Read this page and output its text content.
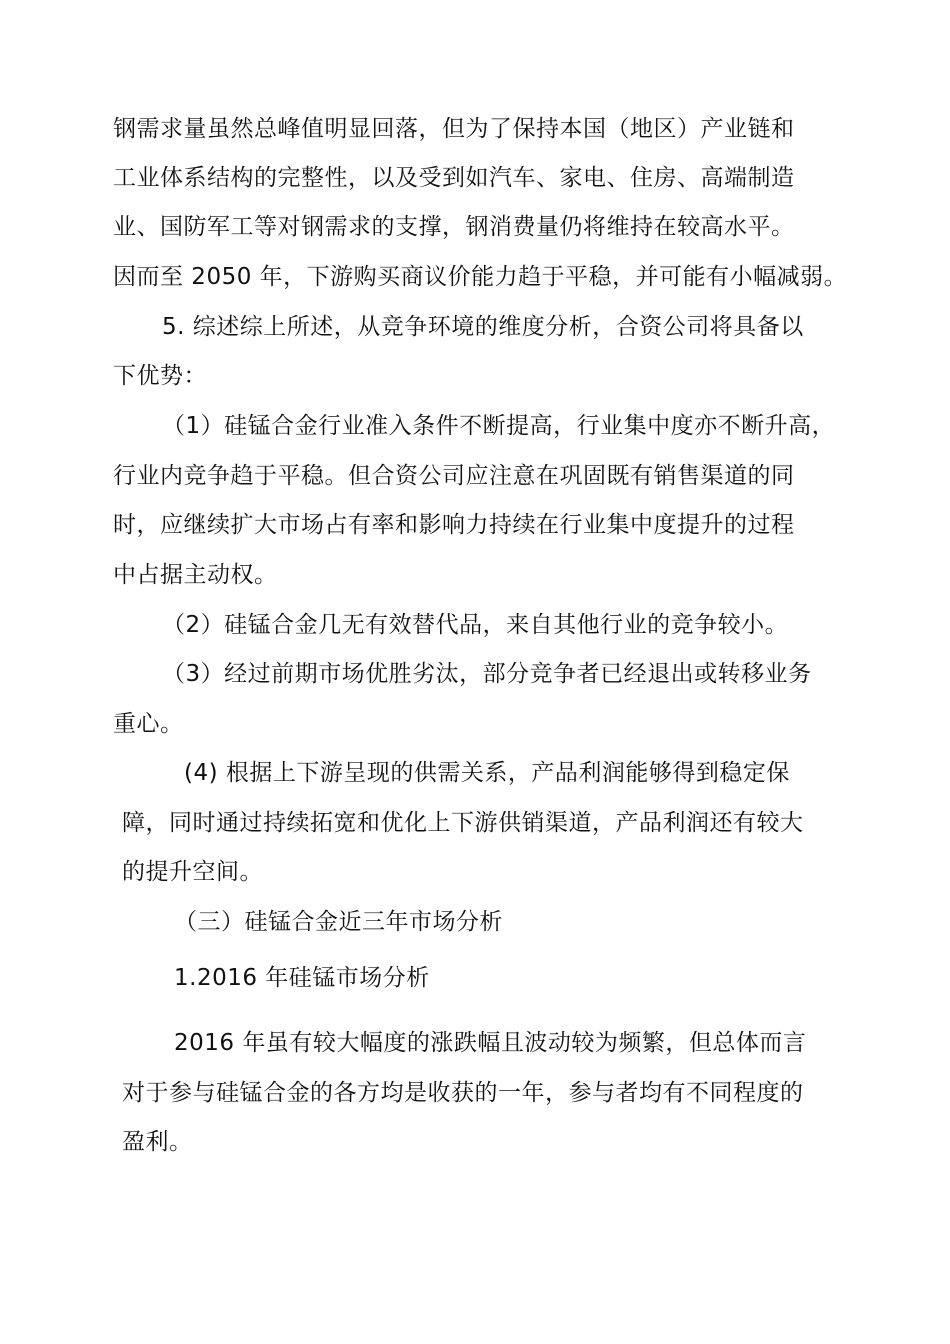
钢需求量虽然总峰值明显回落，但为了保持本国（地区）产业链和
工业体系结构的完整性，以及受到如汽车、家电、住房、高端制造
业、国防军工等对钢需求的支撑，钢消费量仍将维持在较高水平。
因而至 2050 年，下游购买商议价能力趋于平稳，并可能有小幅减弱。
5. 综述综上所述，从竞争环境的维度分析，合资公司将具备以
下优势：
（1）硅锰合金行业准入条件不断提高，行业集中度亦不断升高，
行业内竞争趋于平稳。但合资公司应注意在巩固既有销售渠道的同
时，应继续扩大市场占有率和影响力持续在行业集中度提升的过程
中占据主动权。
（2）硅锰合金几无有效替代品，来自其他行业的竞争较小。
（3）经过前期市场优胜劣汰，部分竞争者已经退出或转移业务
重心。
(4) 根据上下游呈现的供需关系，产品利润能够得到稳定保
障，同时通过持续拓宽和优化上下游供销渠道，产品利润还有较大
的提升空间。
（三）硅锰合金近三年市场分析
1.2016 年硅锰市场分析
2016 年虽有较大幅度的涨跌幅且波动较为频繁，但总体而言
对于参与硅锰合金的各方均是收获的一年，参与者均有不同程度的
盈利。
